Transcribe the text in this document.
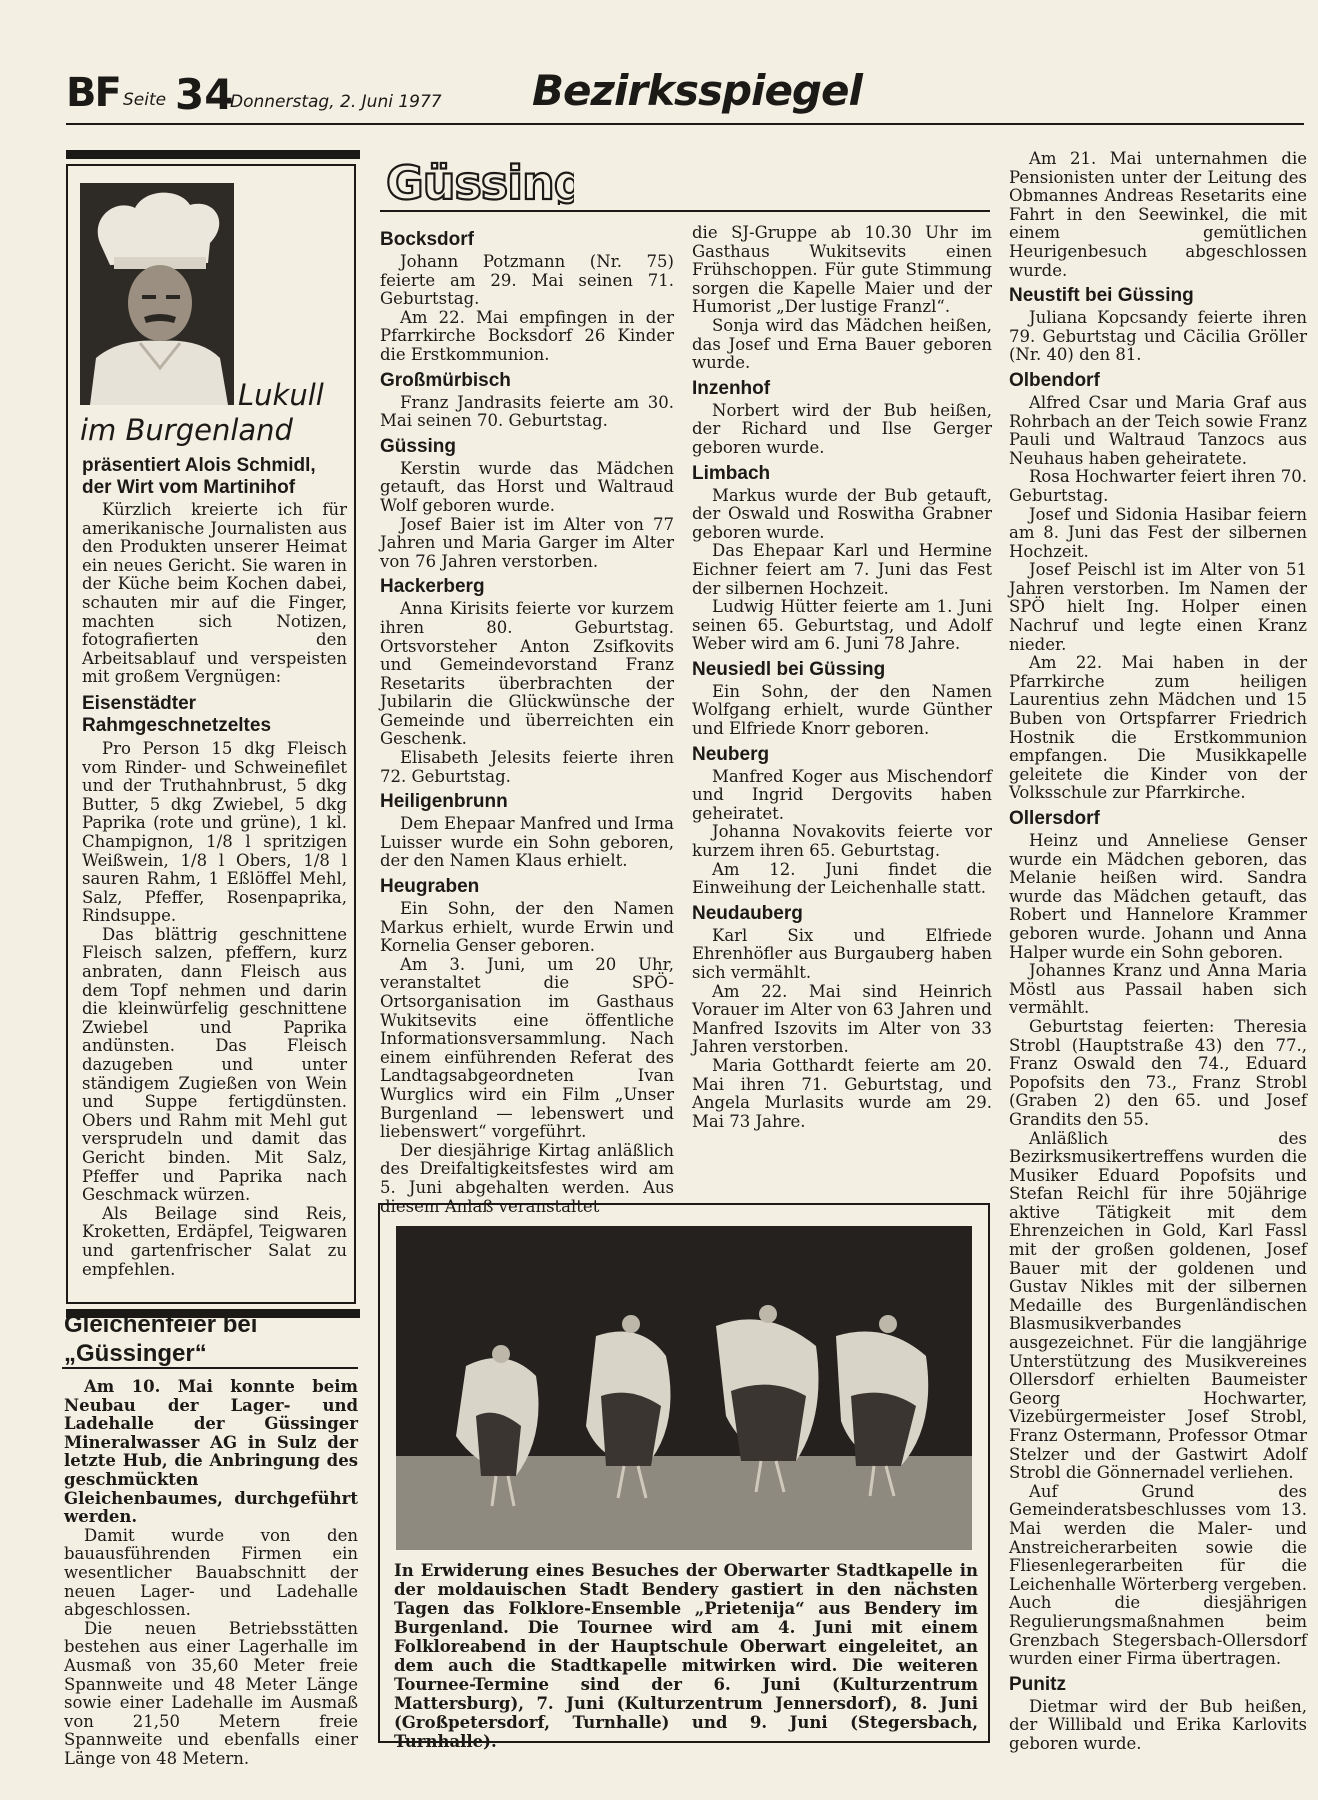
BF Seite 34
Donnerstag, 2. Juni 1977 Bezirksspiegel
Lukull
im Burgenland
präsentiert Alois Schmidl, der Wirt vom Martinihof

Kürzlich kreierte ich für amerikanische Journalisten aus den Produkten unserer Heimat ein neues Gericht. Sie waren in der Küche beim Kochen dabei, schauten mir auf die Finger, machten sich Notizen, fotografierten den Arbeitsablauf und verspeisten mit großem Vergnügen:

Eisenstädter Rahmgeschnetzeltes

Pro Person 15 dkg Fleisch vom Rinder- und Schweinefilet und der Truthahnbrust, 5 dkg Butter, 5 dkg Zwiebel, 5 dkg Paprika (rote und grüne), 1 kl. Champignon, 1/8 l spritzigen Weißwein, 1/8 l Obers, 1/8 l sauren Rahm, 1 Eßlöffel Mehl, Salz, Pfeffer, Rosenpaprika, Rindsuppe.

Das blättrig geschnittene Fleisch salzen, pfeffern, kurz anbraten, dann Fleisch aus dem Topf nehmen und darin die kleinwürfelig geschnittene Zwiebel und Paprika andünsten. Das Fleisch dazugeben und unter ständigem Zugießen von Wein und Suppe fertigdünsten. Obers und Rahm mit Mehl gut versprudeln und damit das Gericht binden. Mit Salz, Pfeffer und Paprika nach Geschmack würzen.

Als Beilage sind Reis, Kroketten, Erdäpfel, Teigwaren und gartenfrischer Salat zu empfehlen.

Gleichenfeier bei „Güssinger“

Am 10. Mai konnte beim Neubau der Lager- und Ladehalle der Güssinger Mineralwasser AG in Sulz der letzte Hub, die Anbringung des geschmückten Gleichenbaumes, durchgeführt werden.

Damit wurde von den bauausführenden Firmen ein wesentlicher Bauabschnitt der neuen Lager- und Ladehalle abgeschlossen.

Die neuen Betriebsstätten bestehen aus einer Lagerhalle im Ausmaß von 35,60 Meter freie Spannweite und 48 Meter Länge sowie einer Ladehalle im Ausmaß von 21,50 Metern freie Spannweite und ebenfalls einer Länge von 48 Metern.

Güssing
Bocksdorf

Johann Potzmann (Nr. 75) feierte am 29. Mai seinen 71. Geburtstag.

Am 22. Mai empfingen in der Pfarrkirche Bocksdorf 26 Kinder die Erstkommunion.

Großmürbisch

Franz Jandrasits feierte am 30. Mai seinen 70. Geburtstag.

Güssing

Kerstin wurde das Mädchen getauft, das Horst und Waltraud Wolf geboren wurde.

Josef Baier ist im Alter von 77 Jahren und Maria Garger im Alter von 76 Jahren verstorben.

Hackerberg

Anna Kirisits feierte vor kurzem ihren 80. Geburtstag. Ortsvorsteher Anton Zsifkovits und Gemeindevorstand Franz Resetarits überbrachten der Jubilarin die Glückwünsche der Gemeinde und überreichten ein Geschenk.

Elisabeth Jelesits feierte ihren 72. Geburtstag.

Heiligenbrunn

Dem Ehepaar Manfred und Irma Luisser wurde ein Sohn geboren, der den Namen Klaus erhielt.

Heugraben

Ein Sohn, der den Namen Markus erhielt, wurde Erwin und Kornelia Genser geboren.

Am 3. Juni, um 20 Uhr, veranstaltet die SPÖ-Ortsorganisation im Gasthaus Wukitsevits eine öffentliche Informationsversammlung. Nach einem einführenden Referat des Landtagsabgeordneten Ivan Wurglics wird ein Film „Unser Burgenland — lebenswert und liebenswert“ vorgeführt.

Der diesjährige Kirtag anläßlich des Dreifaltigkeitsfestes wird am 5. Juni abgehalten werden. Aus diesem Anlaß veranstaltet

die SJ-Gruppe ab 10.30 Uhr im Gasthaus Wukitsevits einen Frühschoppen. Für gute Stimmung sorgen die Kapelle Maier und der Humorist „Der lustige Franzl“.

Sonja wird das Mädchen heißen, das Josef und Erna Bauer geboren wurde.

Inzenhof

Norbert wird der Bub heißen, der Richard und Ilse Gerger geboren wurde.

Limbach

Markus wurde der Bub getauft, der Oswald und Roswitha Grabner geboren wurde.

Das Ehepaar Karl und Hermine Eichner feiert am 7. Juni das Fest der silbernen Hochzeit.

Ludwig Hütter feierte am 1. Juni seinen 65. Geburtstag, und Adolf Weber wird am 6. Juni 78 Jahre.

Neusiedl bei Güssing

Ein Sohn, der den Namen Wolfgang erhielt, wurde Günther und Elfriede Knorr geboren.

Neuberg

Manfred Koger aus Mischendorf und Ingrid Dergovits haben geheiratet.

Johanna Novakovits feierte vor kurzem ihren 65. Geburtstag.

Am 12. Juni findet die Einweihung der Leichenhalle statt.

Neudauberg

Karl Six und Elfriede Ehrenhöfler aus Burgauberg haben sich vermählt.

Am 22. Mai sind Heinrich Vorauer im Alter von 63 Jahren und Manfred Iszovits im Alter von 33 Jahren verstorben.

Maria Gotthardt feierte am 20. Mai ihren 71. Geburtstag, und Angela Murlasits wurde am 29. Mai 73 Jahre.

Am 21. Mai unternahmen die Pensionisten unter der Leitung des Obmannes Andreas Resetarits eine Fahrt in den Seewinkel, die mit einem gemütlichen Heurigenbesuch abgeschlossen wurde.

Neustift bei Güssing

Juliana Kopcsandy feierte ihren 79. Geburtstag und Cäcilia Gröller (Nr. 40) den 81.

Olbendorf

Alfred Csar und Maria Graf aus Rohrbach an der Teich sowie Franz Pauli und Waltraud Tanzocs aus Neuhaus haben geheiratete.

Rosa Hochwarter feiert ihren 70. Geburtstag.

Josef und Sidonia Hasibar feiern am 8. Juni das Fest der silbernen Hochzeit.

Josef Peischl ist im Alter von 51 Jahren verstorben. Im Namen der SPÖ hielt Ing. Holper einen Nachruf und legte einen Kranz nieder.

Am 22. Mai haben in der Pfarrkirche zum heiligen Laurentius zehn Mädchen und 15 Buben von Ortspfarrer Friedrich Hostnik die Erstkommunion empfangen. Die Musikkapelle geleitete die Kinder von der Volksschule zur Pfarrkirche.

Ollersdorf

Heinz und Anneliese Genser wurde ein Mädchen geboren, das Melanie heißen wird. Sandra wurde das Mädchen getauft, das Robert und Hannelore Krammer geboren wurde. Johann und Anna Halper wurde ein Sohn geboren.

Johannes Kranz und Anna Maria Möstl aus Passail haben sich vermählt.

Geburtstag feierten: Theresia Strobl (Hauptstraße 43) den 77., Franz Oswald den 74., Eduard Popofsits den 73., Franz Strobl (Graben 2) den 65. und Josef Grandits den 55.

Anläßlich des Bezirksmusikertreffens wurden die Musiker Eduard Popofsits und Stefan Reichl für ihre 50jährige aktive Tätigkeit mit dem Ehrenzeichen in Gold, Karl Fassl mit der großen goldenen, Josef Bauer mit der goldenen und Gustav Nikles mit der silbernen Medaille des Burgenländischen Blasmusikverbandes ausgezeichnet. Für die langjährige Unterstützung des Musikvereines Ollersdorf erhielten Baumeister Georg Hochwarter, Vizebürgermeister Josef Strobl, Franz Ostermann, Professor Otmar Stelzer und der Gastwirt Adolf Strobl die Gönnernadel verliehen.

Auf Grund des Gemeinderatsbeschlusses vom 13. Mai werden die Maler- und Anstreicherarbeiten sowie die Fliesenlegerarbeiten für die Leichenhalle Wörterberg vergeben. Auch die diesjährigen Regulierungsmaßnahmen beim Grenzbach Stegersbach-Ollersdorf wurden einer Firma übertragen.

Punitz

Dietmar wird der Bub heißen, der Willibald und Erika Karlovits geboren wurde.

In Erwiderung eines Besuches der Oberwarter Stadtkapelle in der moldauischen Stadt Bendery gastiert in den nächsten Tagen das Folklore-Ensemble „Prietenija“ aus Bendery im Burgenland. Die Tournee wird am 4. Juni mit einem Folkloreabend in der Hauptschule Oberwart eingeleitet, an dem auch die Stadtkapelle mitwirken wird. Die weiteren Tournee-Termine sind der 6. Juni (Kulturzentrum Mattersburg), 7. Juni (Kulturzentrum Jennersdorf), 8. Juni (Großpetersdorf, Turnhalle) und 9. Juni (Stegersbach, Turnhalle).
